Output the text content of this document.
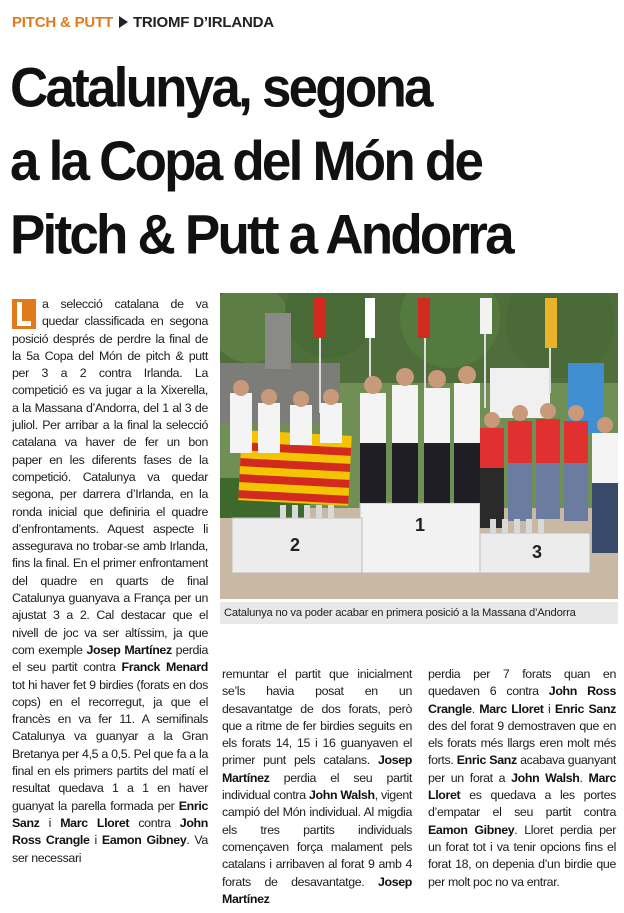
PITCH & PUTT TRIOMF D’IRLANDA
Catalunya, segona
a la Copa del Món de
Pitch & Putt a Andorra
a selecció catalana de va quedar classificada en segona posició després de perdre la final de la 5a Copa del Món de pitch & putt per 3 a 2 contra Irlanda. La competició es va jugar a la Xixerella, a la Massana d’Andorra, del 1 al 3 de juliol. Per arribar a la final la selecció catalana va haver de fer un bon paper en les diferents fases de la competició. Catalunya va quedar segona, per darrera d’Irlanda, en la ronda inicial que definiria el quadre d’enfrontaments. Aquest aspecte li assegurava no trobar-se amb Irlanda, fins la final. En el primer enfrontament del quadre en quarts de final Catalunya guanyava a França per un ajustat 3 a 2. Cal destacar que el nivell de joc va ser altíssim, ja que com exemple Josep Martínez perdia el seu partit contra Franck Menard tot hi haver fet 9 birdies (forats en dos cops) en el recorregut, ja que el francès en va fer 11. A semifinals Catalunya va guanyar a la Gran Bretanya per 4,5 a 0,5. Pel que fa a la final en els primers partits del matí el resultat quedava 1 a 1 en haver guanyat la parella formada per Enric Sanz i Marc Lloret contra John Ross Crangle i Eamon Gibney. Va ser necessari
1
2	3
Catalunya no va poder acabar en primera posició a la Massana d’Andorra
remuntar el partit que inicialment se’ls havia posat en un desavantatge de dos forats, però que a ritme de fer birdies seguits en els forats 14, 15 i 16 guanyaven el primer punt pels catalans. Josep Martínez perdia el seu partit individual contra John Walsh, vigent campió del Món individual. Al migdia els tres partits individuals començaven força malament pels catalans i arribaven al forat 9 amb 4 forats de desavantatge. Josep Martínez
perdia per 7 forats quan en quedaven 6 contra John Ross Crangle. Marc Lloret i Enric Sanz des del forat 9 demostraven que en els forats més llargs eren molt més forts. Enric Sanz acabava guanyant per un forat a John Walsh. Marc Lloret es quedava a les portes d’empatar el seu partit contra Eamon Gibney. Lloret perdia per un forat tot i va tenir opcions fins el forat 18, on depenia d’un birdie que per molt poc no va entrar.
